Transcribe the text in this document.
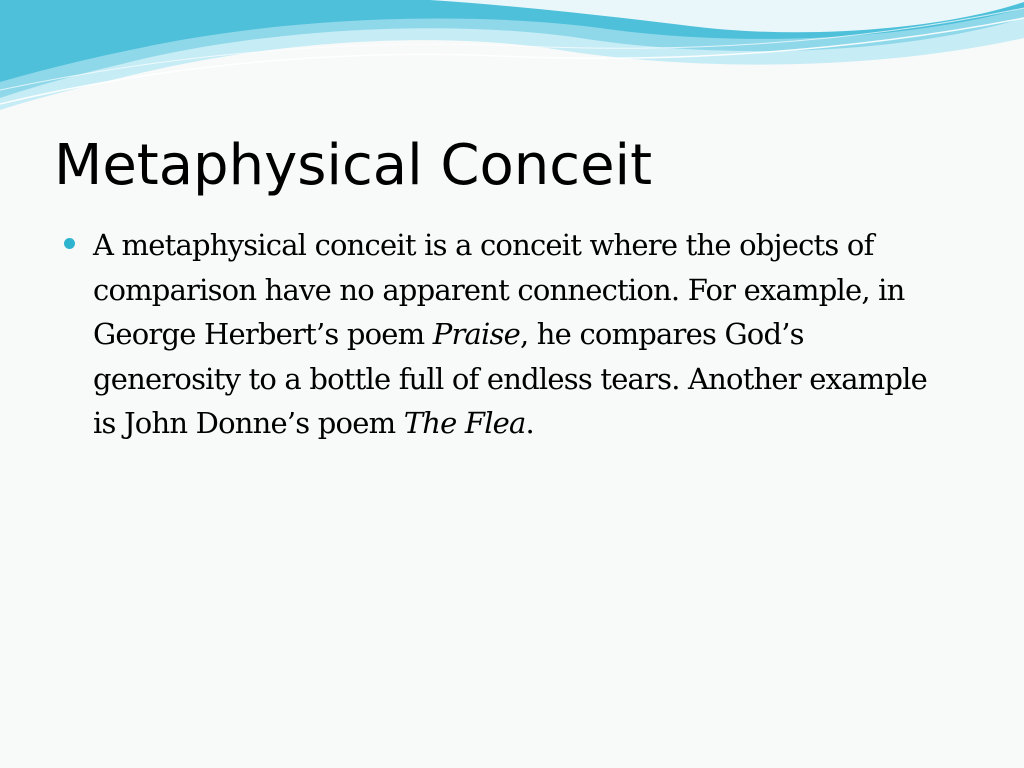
Metaphysical Conceit

A metaphysical conceit is a conceit where the objects of comparison have no apparent connection. For example, in George Herbert’s poem Praise, he compares God’s generosity to a bottle full of endless tears. Another example is John Donne’s poem The Flea.
